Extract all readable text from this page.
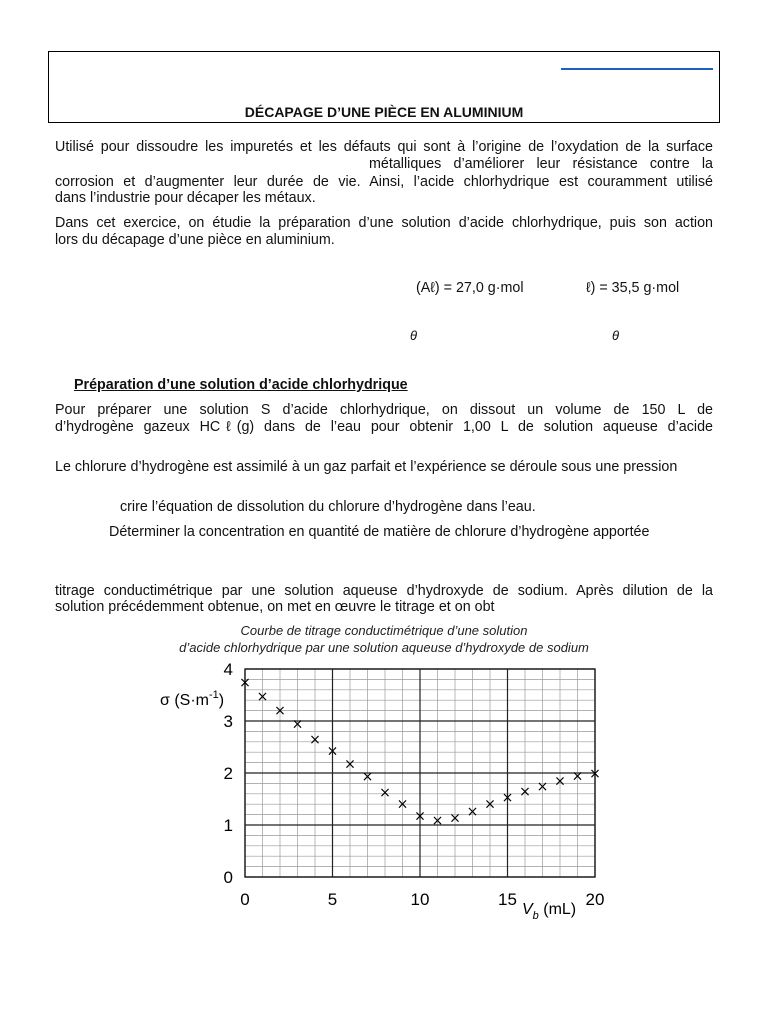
DÉCAPAGE D’UNE PIÈCE EN ALUMINIUM

Utilisé pour dissoudre les impuretés et les défauts qui sont à l’origine de l’oxydation de la surface

métalliques d’améliorer leur résistance contre la

corrosion et d’augmenter leur durée de vie. Ainsi, l’acide chlorhydrique est couramment utilisé

dans l’industrie pour décaper les métaux.

Dans cet exercice, on étudie la préparation d’une solution d’acide chlorhydrique, puis son action

lors du décapage d’une pièce en aluminium.

(Aℓ) = 27,0 g·mol	ℓ) = 35,5 g·mol
θ	θ
Préparation d’une solution d’acide chlorhydrique

Pour préparer une solution S d’acide chlorhydrique, on dissout un volume de 150 L de

d’hydrogène gazeux HCℓ(g) dans de l’eau pour obtenir 1,00 L de solution aqueuse d’acide

Le chlorure d’hydrogène est assimilé à un gaz parfait et l’expérience se déroule sous une pression

crire l’équation de dissolution du chlorure d’hydrogène dans l’eau.

Déterminer la concentration en quantité de matière de chlorure d’hydrogène apportée

titrage conductimétrique par une solution aqueuse d’hydroxyde de sodium. Après dilution de la

solution précédemment obtenue, on met en œuvre le titrage et on obt

Courbe de titrage conductimétrique d’une solution
d’acide chlorhydrique par une solution aqueuse d’hydroxyde de sodium
0	5	10	15	20
0
1
2
3
4
×
×
×
×
×
×
×
×
×
×
× × × × × × × × × × ×
σ $(S\cdot m^{-1})$
$V_b$ (mL)
